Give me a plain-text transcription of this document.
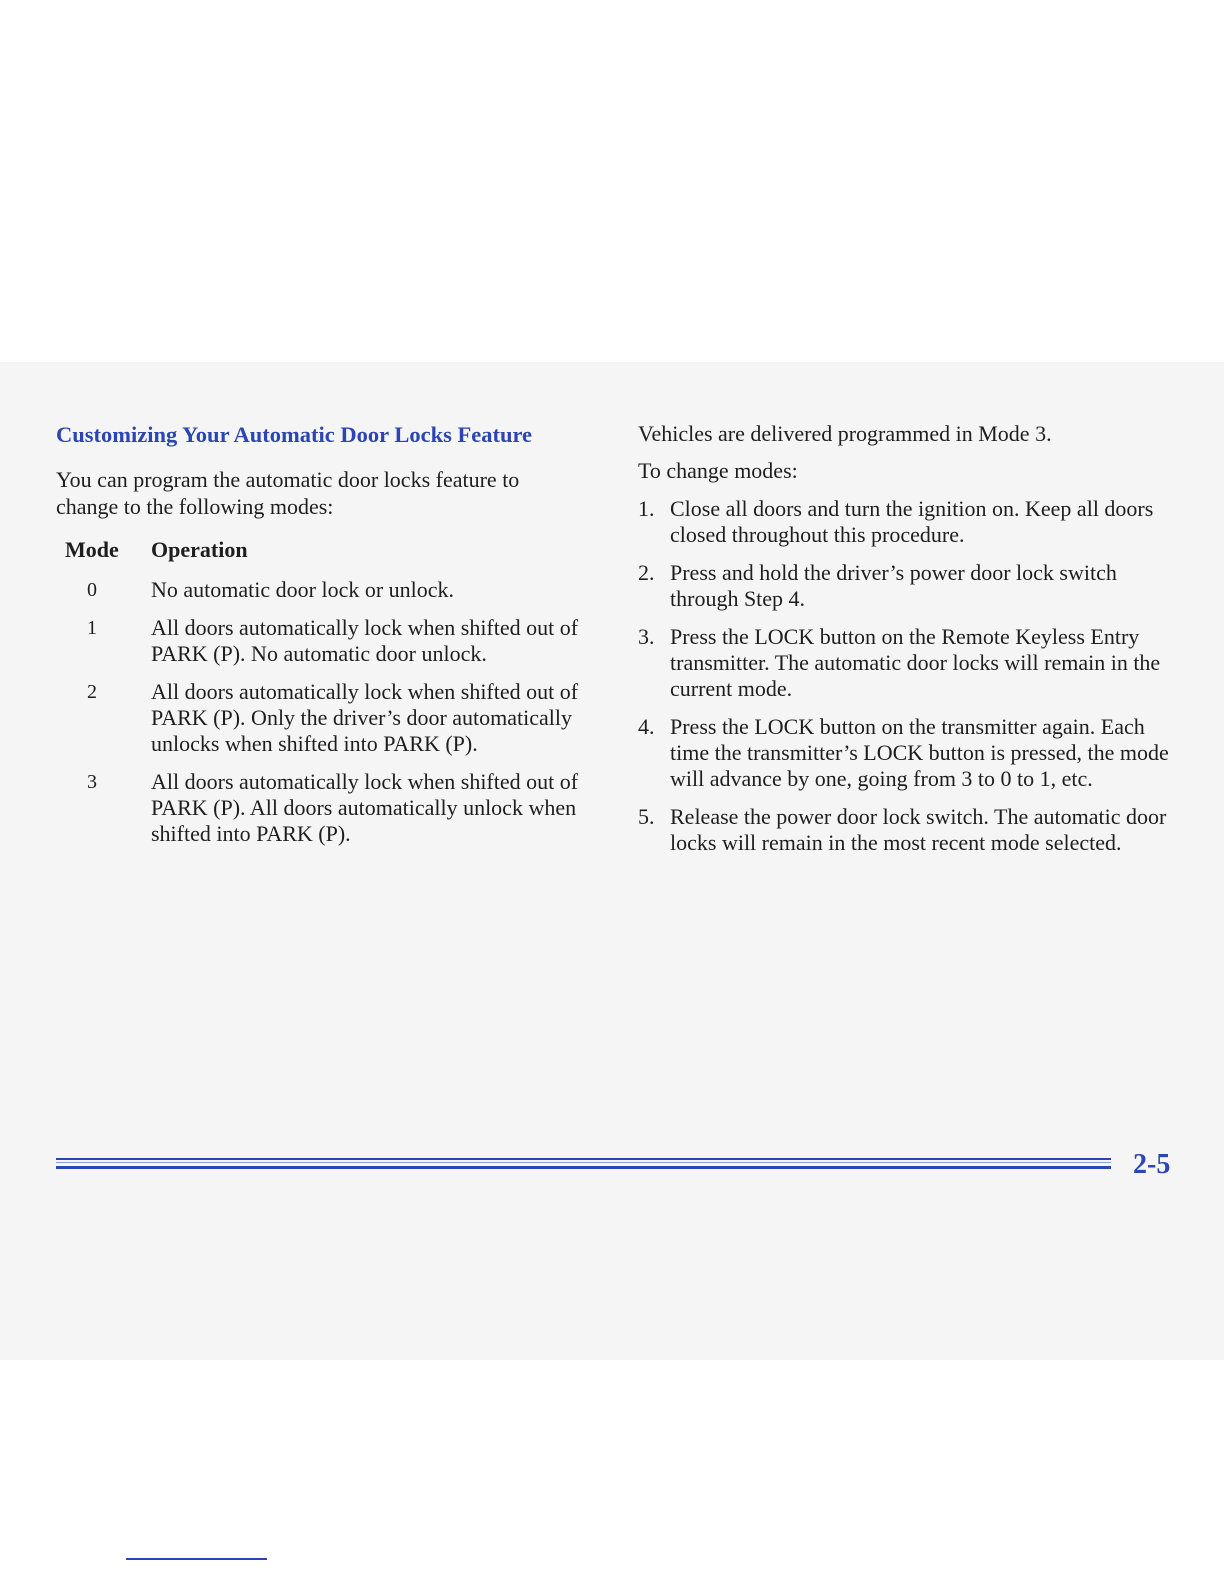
Customizing Your Automatic Door Locks Feature

You can program the automatic door locks feature to change to the following modes:

Mode	Operation
0	No automatic door lock or unlock.
1	All doors automatically lock when shifted out of PARK (P). No automatic door unlock.
2	All doors automatically lock when shifted out of PARK (P). Only the driver’s door automatically unlocks when shifted into PARK (P).
3	All doors automatically lock when shifted out of PARK (P). All doors automatically unlock when shifted into PARK (P).

Vehicles are delivered programmed in Mode 3.

To change modes:

1. Close all doors and turn the ignition on. Keep all doors closed throughout this procedure.
2. Press and hold the driver’s power door lock switch through Step 4.
3. Press the LOCK button on the Remote Keyless Entry transmitter. The automatic door locks will remain in the current mode.
4. Press the LOCK button on the transmitter again. Each time the transmitter’s LOCK button is pressed, the mode will advance by one, going from 3 to 0 to 1, etc.
5. Release the power door lock switch. The automatic door locks will remain in the most recent mode selected.
2-5
